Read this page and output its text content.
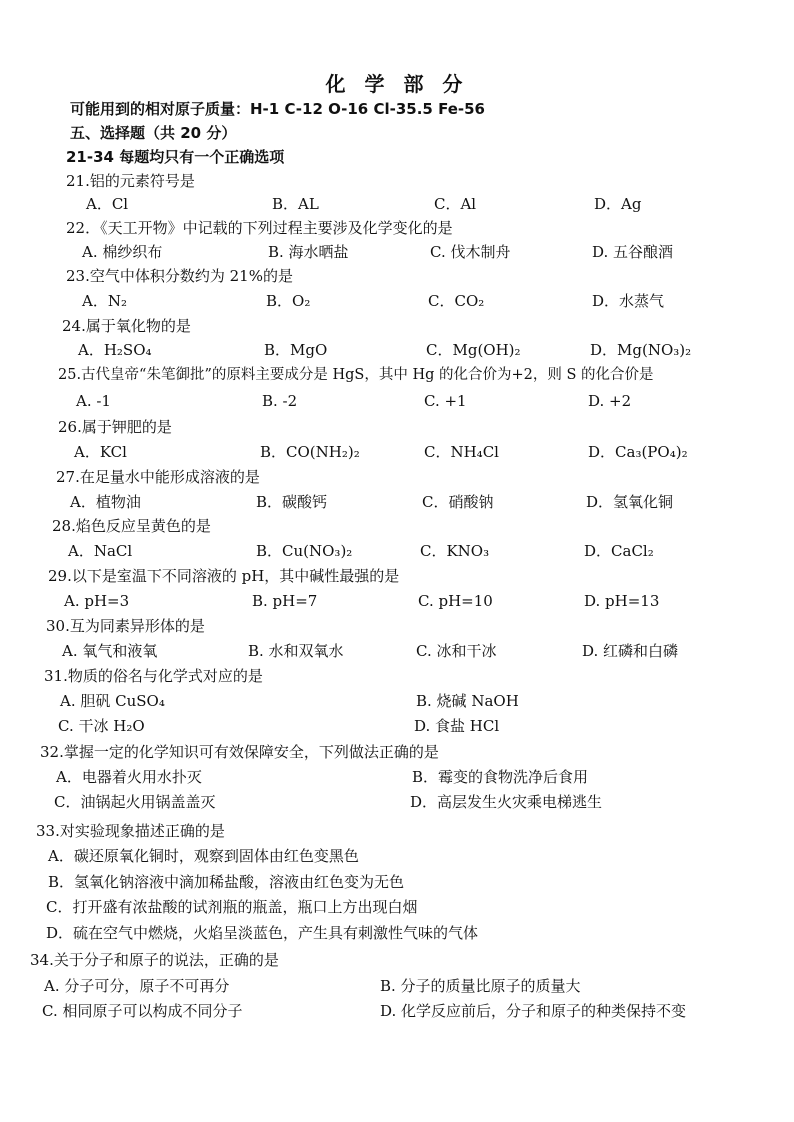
化 学 部 分
可能用到的相对原子质量：H-1 C-12 O-16 Cl-35.5 Fe-56
五、选择题（共 20 分）
21-34 每题均只有一个正确选项
21.铝的元素符号是
A．Cl	B．AL	C．Al	D．Ag
22．《天工开物》中记载的下列过程主要涉及化学变化的是
A. 棉纱织布	B. 海水晒盐	C. 伐木制舟	D. 五谷酿酒
23.空气中体积分数约为 21%的是
A．N₂	B．O₂	C．CO₂	D．水蒸气
24.属于氧化物的是
A．H₂SO₄	B．MgO	C．Mg(OH)₂	D．Mg(NO₃)₂
25.古代皇帝“朱笔御批”的原料主要成分是 HgS，其中 Hg 的化合价为+2，则 S 的化合价是
A. -1	B. -2	C. +1	D. +2
26.属于钾肥的是
A．KCl	B．CO(NH₂)₂	C．NH₄Cl	D．Ca₃(PO₄)₂
27.在足量水中能形成溶液的是
A．植物油	B．碳酸钙	C．硝酸钠	D．氢氧化铜
28.焰色反应呈黄色的是
A．NaCl	B．Cu(NO₃)₂	C．KNO₃	D．CaCl₂
29.以下是室温下不同溶液的 pH，其中碱性最强的是
A. pH=3	B. pH=7	C. pH=10	D. pH=13
30.互为同素异形体的是
A. 氧气和液氧	B. 水和双氧水	C. 冰和干冰	D. 红磷和白磷
31.物质的俗名与化学式对应的是
A. 胆矾 CuSO₄	B. 烧碱 NaOH
C. 干冰 H₂O	D. 食盐 HCl
32.掌握一定的化学知识可有效保障安全，下列做法正确的是
A．电器着火用水扑灭	B．霉变的食物洗净后食用
C．油锅起火用锅盖盖灭	D．高层发生火灾乘电梯逃生
33.对实验现象描述正确的是
A．碳还原氧化铜时，观察到固体由红色变黑色
B．氢氧化钠溶液中滴加稀盐酸，溶液由红色变为无色
C．打开盛有浓盐酸的试剂瓶的瓶盖，瓶口上方出现白烟
D．硫在空气中燃烧，火焰呈淡蓝色，产生具有刺激性气味的气体
34.关于分子和原子的说法，正确的是
A. 分子可分，原子不可再分	B. 分子的质量比原子的质量大
C. 相同原子可以构成不同分子	D. 化学反应前后，分子和原子的种类保持不变
